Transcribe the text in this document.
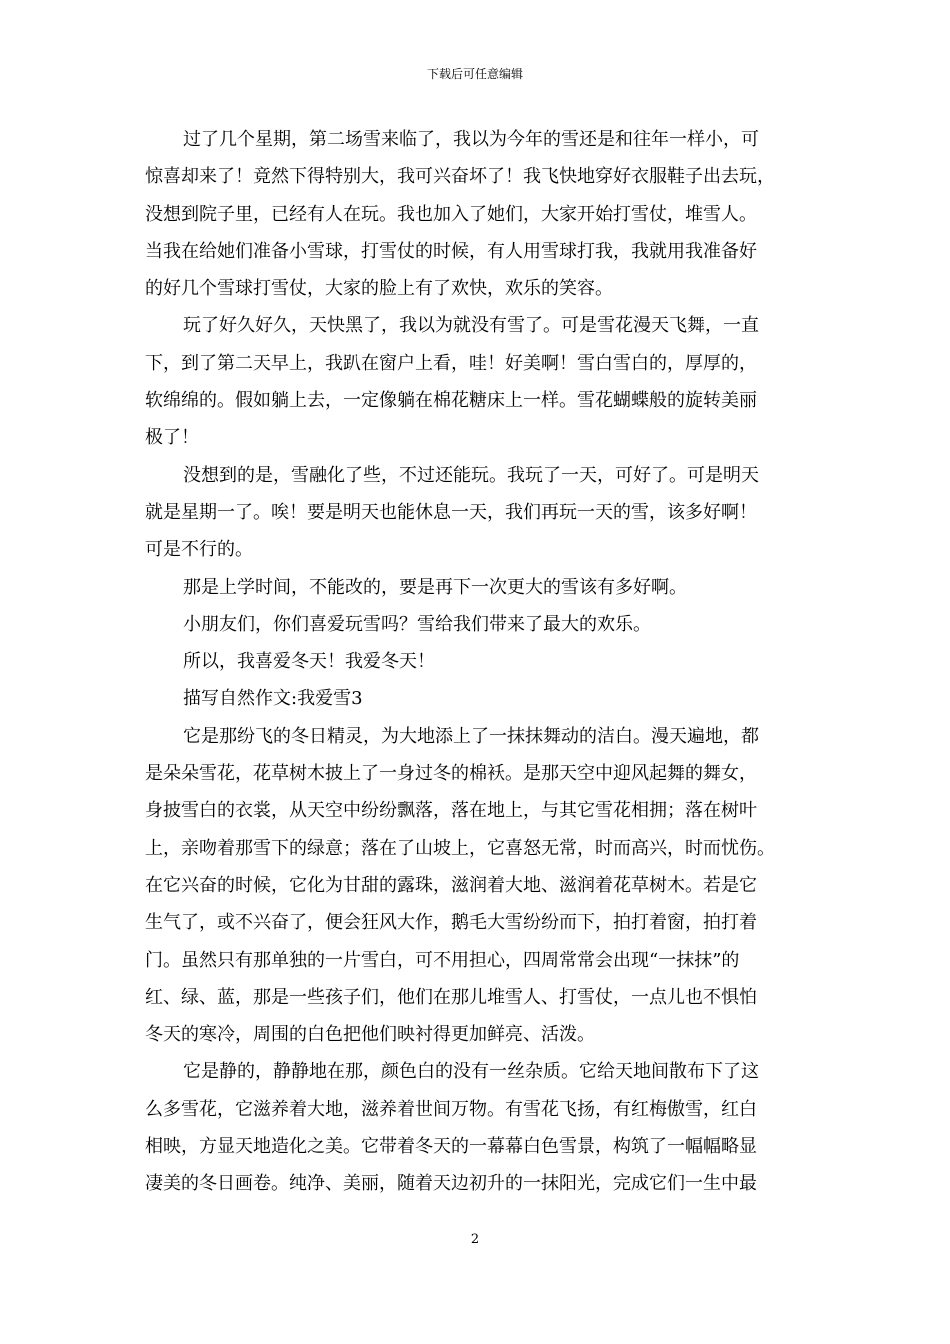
下载后可任意编辑
过了几个星期，第二场雪来临了，我以为今年的雪还是和往年一样小，可
惊喜却来了！竟然下得特别大，我可兴奋坏了！我飞快地穿好衣服鞋子出去玩，
没想到院子里，已经有人在玩。我也加入了她们，大家开始打雪仗，堆雪人。
当我在给她们准备小雪球，打雪仗的时候，有人用雪球打我，我就用我准备好
的好几个雪球打雪仗，大家的脸上有了欢快，欢乐的笑容。
玩了好久好久，天快黑了，我以为就没有雪了。可是雪花漫天飞舞，一直
下，到了第二天早上，我趴在窗户上看，哇！好美啊！雪白雪白的，厚厚的，
软绵绵的。假如躺上去，一定像躺在棉花糖床上一样。雪花蝴蝶般的旋转美丽
极了！
没想到的是，雪融化了些，不过还能玩。我玩了一天，可好了。可是明天
就是星期一了。唉！要是明天也能休息一天，我们再玩一天的雪，该多好啊！
可是不行的。
那是上学时间，不能改的，要是再下一次更大的雪该有多好啊。
小朋友们，你们喜爱玩雪吗？雪给我们带来了最大的欢乐。
所以，我喜爱冬天！我爱冬天！
描写自然作文:我爱雪3
它是那纷飞的冬日精灵，为大地添上了一抹抹舞动的洁白。漫天遍地，都
是朵朵雪花，花草树木披上了一身过冬的棉袄。是那天空中迎风起舞的舞女，
身披雪白的衣裳，从天空中纷纷飘落，落在地上，与其它雪花相拥；落在树叶
上，亲吻着那雪下的绿意；落在了山坡上，它喜怒无常，时而高兴，时而忧伤。
在它兴奋的时候，它化为甘甜的露珠，滋润着大地、滋润着花草树木。若是它
生气了，或不兴奋了，便会狂风大作，鹅毛大雪纷纷而下，拍打着窗，拍打着
门。虽然只有那单独的一片雪白，可不用担心，四周常常会出现“一抹抹”的
红、绿、蓝，那是一些孩子们，他们在那儿堆雪人、打雪仗，一点儿也不惧怕
冬天的寒冷，周围的白色把他们映衬得更加鲜亮、活泼。
它是静的，静静地在那，颜色白的没有一丝杂质。它给天地间散布下了这
么多雪花，它滋养着大地，滋养着世间万物。有雪花飞扬，有红梅傲雪，红白
相映，方显天地造化之美。它带着冬天的一幕幕白色雪景，构筑了一幅幅略显
凄美的冬日画卷。纯净、美丽，随着天边初升的一抹阳光，完成它们一生中最
2
